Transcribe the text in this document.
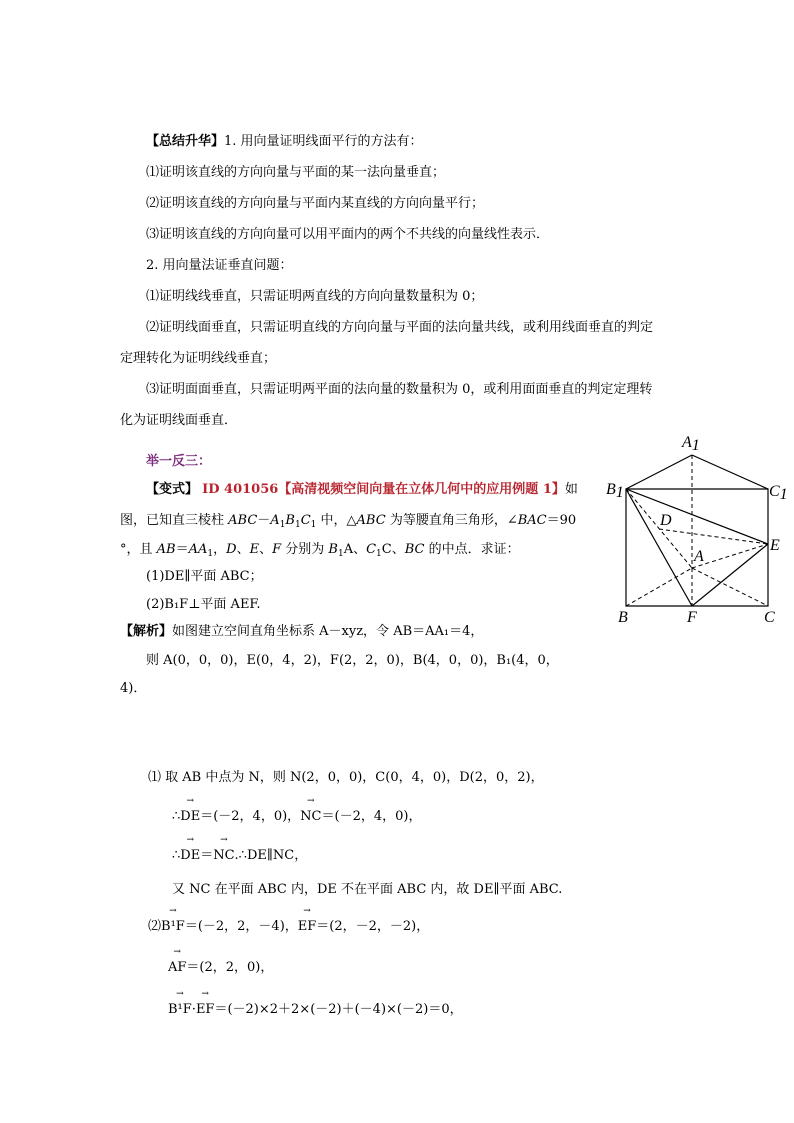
【总结升华】1. 用向量证明线面平行的方法有：
⑴证明该直线的方向向量与平面的某一法向量垂直；
⑵证明该直线的方向向量与平面内某直线的方向向量平行；
⑶证明该直线的方向向量可以用平面内的两个不共线的向量线性表示．
2. 用向量法证垂直问题：
⑴证明线线垂直，只需证明两直线的方向向量数量积为 0；
⑵证明线面垂直，只需证明直线的方向向量与平面的法向量共线，或利用线面垂直的判定
定理转化为证明线线垂直；
⑶证明面面垂直，只需证明两平面的法向量的数量积为 0，或利用面面垂直的判定定理转
化为证明线面垂直．
举一反三：
【变式】 ID 401056【高清视频空间向量在立体几何中的应用例题 1】如
图，已知直三棱柱 $ABC-A_1B_1C_1$ 中，△ABC 为等腰直角三角形，∠BAC＝90
°，且 $AB=AA_1$，D、E、F 分别为 $B_1A$、$C_1C$、BC 的中点．求证：
(1)DE∥平面 ABC；
(2)B₁F⊥平面 AEF.
【解析】如图建立空间直角坐标系 A－xyz，令 AB＝AA₁＝4，
则 A(0，0，0)，E(0，4，2)，F(2，2，0)，B(4，0，0)，B₁(4，0，
4)．
⑴ 取 AB 中点为 N，则 N(2，0，0)，C(0，4，0)，D(2，0，2)，
∴→ DE＝(－2，4，0)，→ NC＝(－2，4，0)，
∴→ DE＝→ NC.∴DE∥NC，
又 NC 在平面 ABC 内，DE 不在平面 ABC 内，故 DE∥平面 ABC.
⑵→ B¹F＝(－2，2，－4)，→ EF＝(2，－2，－2)，
→ AF＝(2，2，0)，
→ B¹F·→ EF＝(－2)×2＋2×(－2)＋(－4)×(－2)＝0，
A1
B1	C1
D
A
E
B	F	C
